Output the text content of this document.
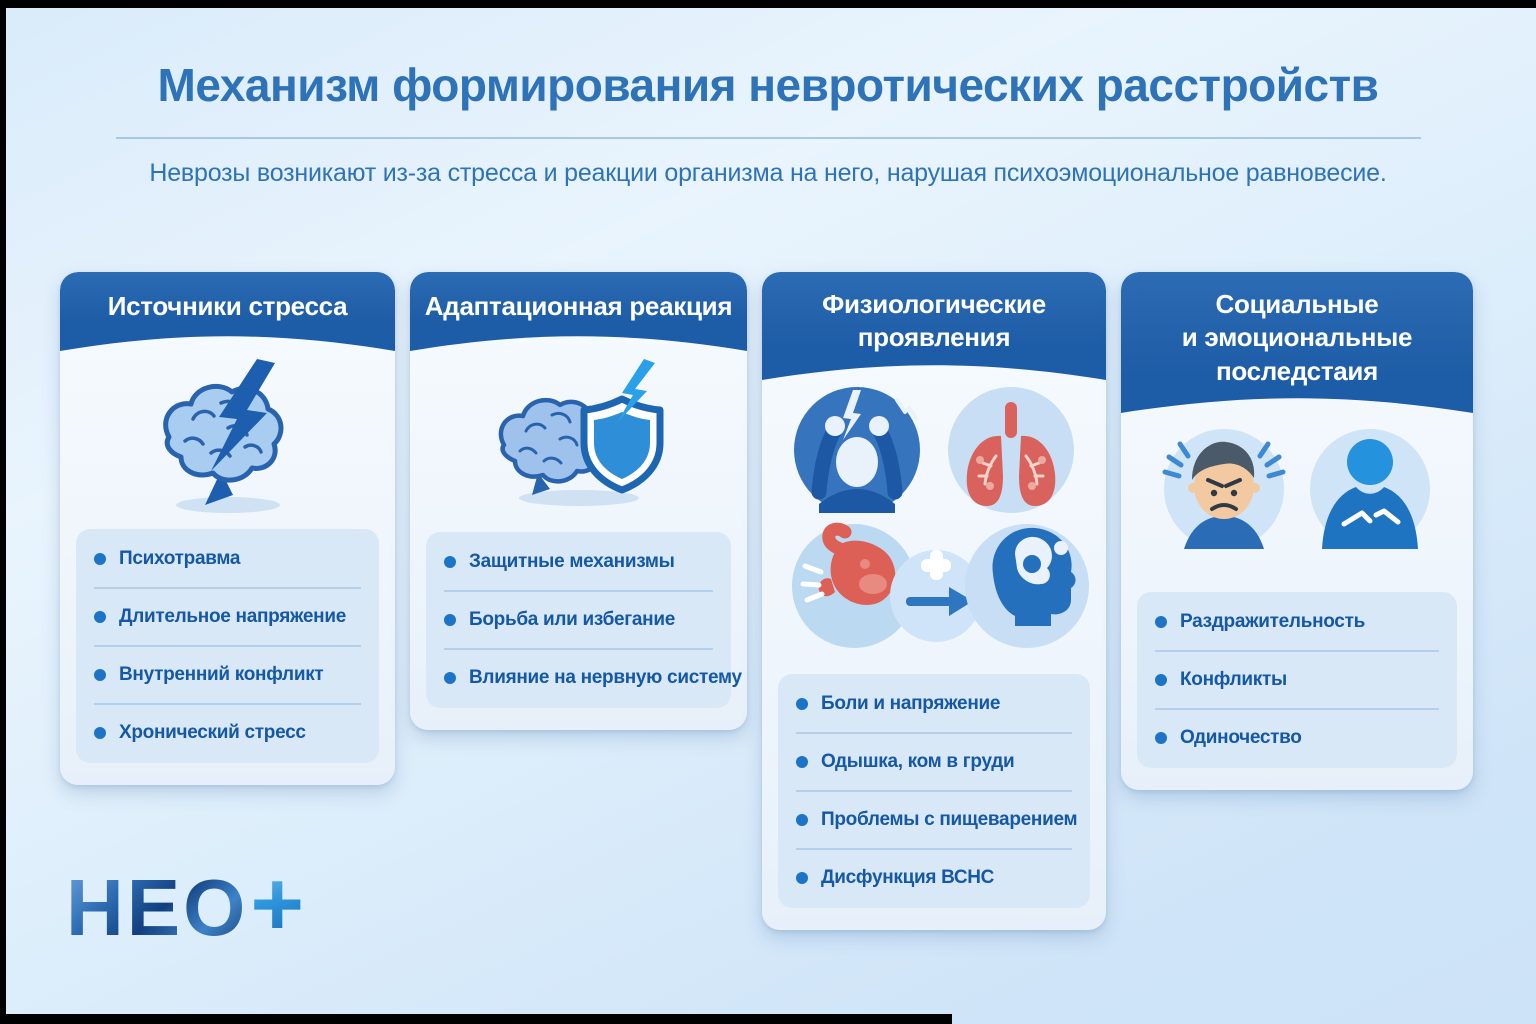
Механизм формирования невротических расстройств

Неврозы возникают из-за стресса и реакции организма на него, нарушая психоэмоциональное равновесие.

Источники стресса
Психотравма
Длительное напряжение
Внутренний конфликт
Хронический стресс
Адаптационная реакция
Защитные механизмы
Борьба или избегание
Влияние на нервную систему
Физиологические
проявления
Боли и напряжение
Одышка, ком в груди
Проблемы с пищеварением
Дисфункция ВСНС
Социальные
и эмоциональные
последстаия
Раздражительность
Конфликты
Одиночество
НЕО +
